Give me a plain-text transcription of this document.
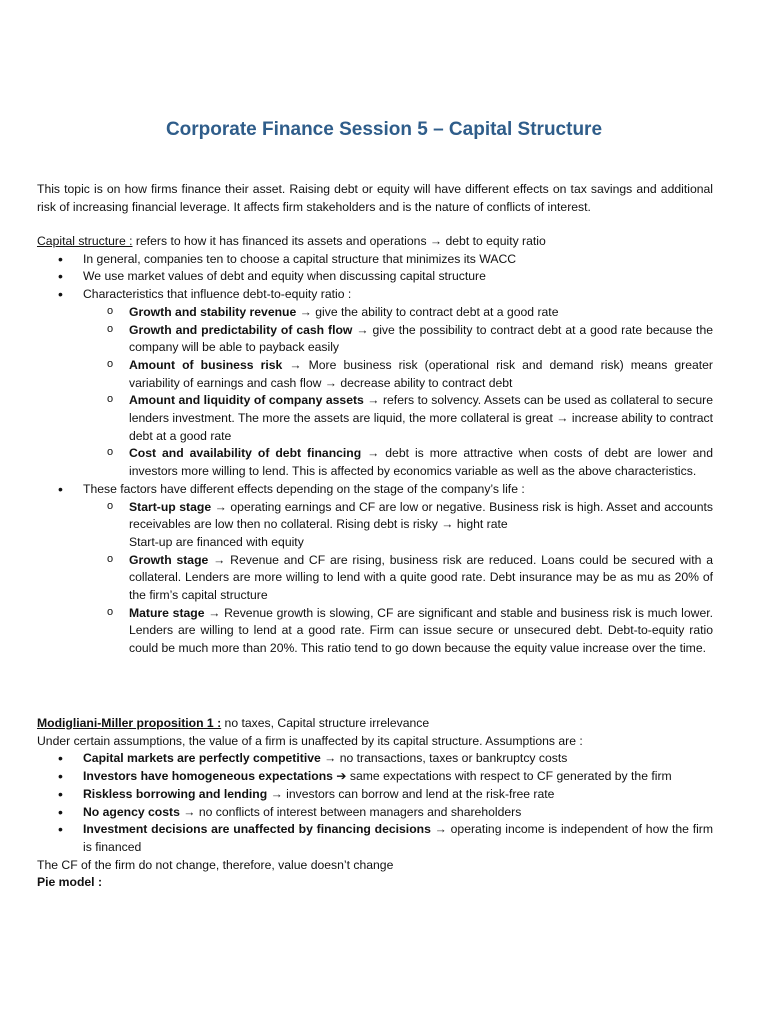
Corporate Finance Session 5 – Capital Structure

This topic is on how firms finance their asset. Raising debt or equity will have different effects on tax savings and additional risk of increasing financial leverage. It affects firm stakeholders and is the nature of conflicts of interest.

Capital structure : refers to how it has financed its assets and operations → debt to equity ratio

• In general, companies ten to choose a capital structure that minimizes its WACC
• We use market values of debt and equity when discussing capital structure
• Characteristics that influence debt-to-equity ratio :
o Growth and stability revenue → give the ability to contract debt at a good rate
o Growth and predictability of cash flow → give the possibility to contract debt at a good rate because the company will be able to payback easily
o Amount of business risk → More business risk (operational risk and demand risk) means greater variability of earnings and cash flow → decrease ability to contract debt
o Amount and liquidity of company assets → refers to solvency. Assets can be used as collateral to secure lenders investment. The more the assets are liquid, the more collateral is great → increase ability to contract debt at a good rate
o Cost and availability of debt financing → debt is more attractive when costs of debt are lower and investors more willing to lend. This is affected by economics variable as well as the above characteristics.
• These factors have different effects depending on the stage of the company’s life :
o Start-up stage → operating earnings and CF are low or negative. Business risk is high. Asset and accounts receivables are low then no collateral. Rising debt is risky → hight rate
Start-up are financed with equity
o Growth stage → Revenue and CF are rising, business risk are reduced. Loans could be secured with a collateral. Lenders are more willing to lend with a quite good rate. Debt insurance may be as mu as 20% of the firm’s capital structure
o Mature stage → Revenue growth is slowing, CF are significant and stable and business risk is much lower. Lenders are willing to lend at a good rate. Firm can issue secure or unsecured debt. Debt-to-equity ratio could be much more than 20%. This ratio tend to go down because the equity value increase over the time.

Modigliani-Miller proposition 1 : no taxes, Capital structure irrelevance

Under certain assumptions, the value of a firm is unaffected by its capital structure. Assumptions are :

• Capital markets are perfectly competitive → no transactions, taxes or bankruptcy costs
• Investors have homogeneous expectations ➔ same expectations with respect to CF generated by the firm
• Riskless borrowing and lending → investors can borrow and lend at the risk-free rate
• No agency costs → no conflicts of interest between managers and shareholders
• Investment decisions are unaffected by financing decisions → operating income is independent of how the firm is financed

The CF of the firm do not change, therefore, value doesn’t change

Pie model :
